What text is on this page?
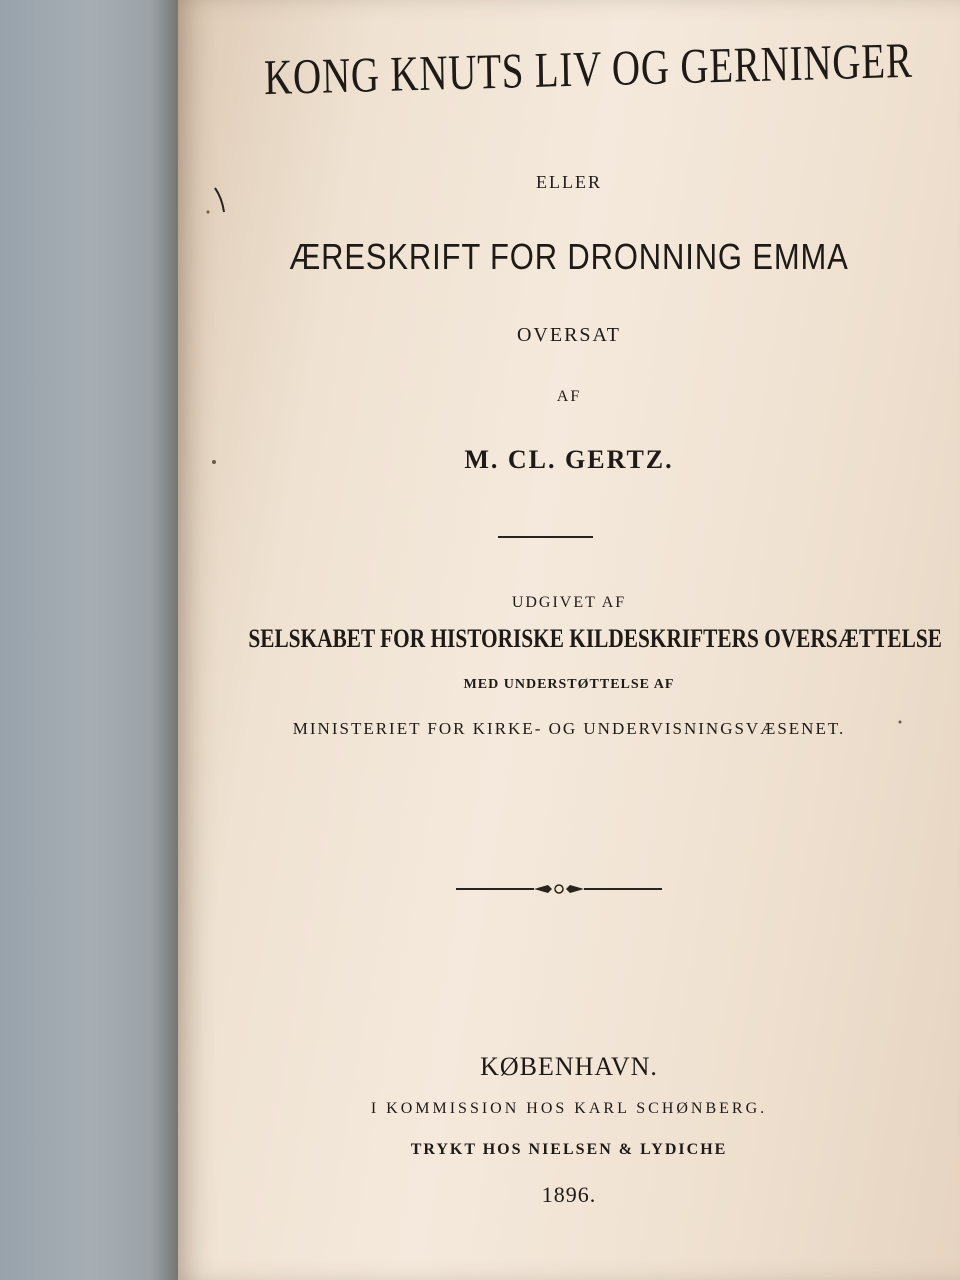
KONG KNUTS LIV OG GERNINGER
ELLER
ÆRESKRIFT FOR DRONNING EMMA
OVERSAT
AF
M. CL. GERTZ.
UDGIVET AF
SELSKABET FOR HISTORISKE KILDESKRIFTERS OVERSÆTTELSE
MED UNDERSTØTTELSE AF
MINISTERIET FOR KIRKE- OG UNDERVISNINGSVÆSENET.
KØBENHAVN.
I KOMMISSION HOS KARL SCHØNBERG.
TRYKT HOS NIELSEN & LYDICHE
1896.
